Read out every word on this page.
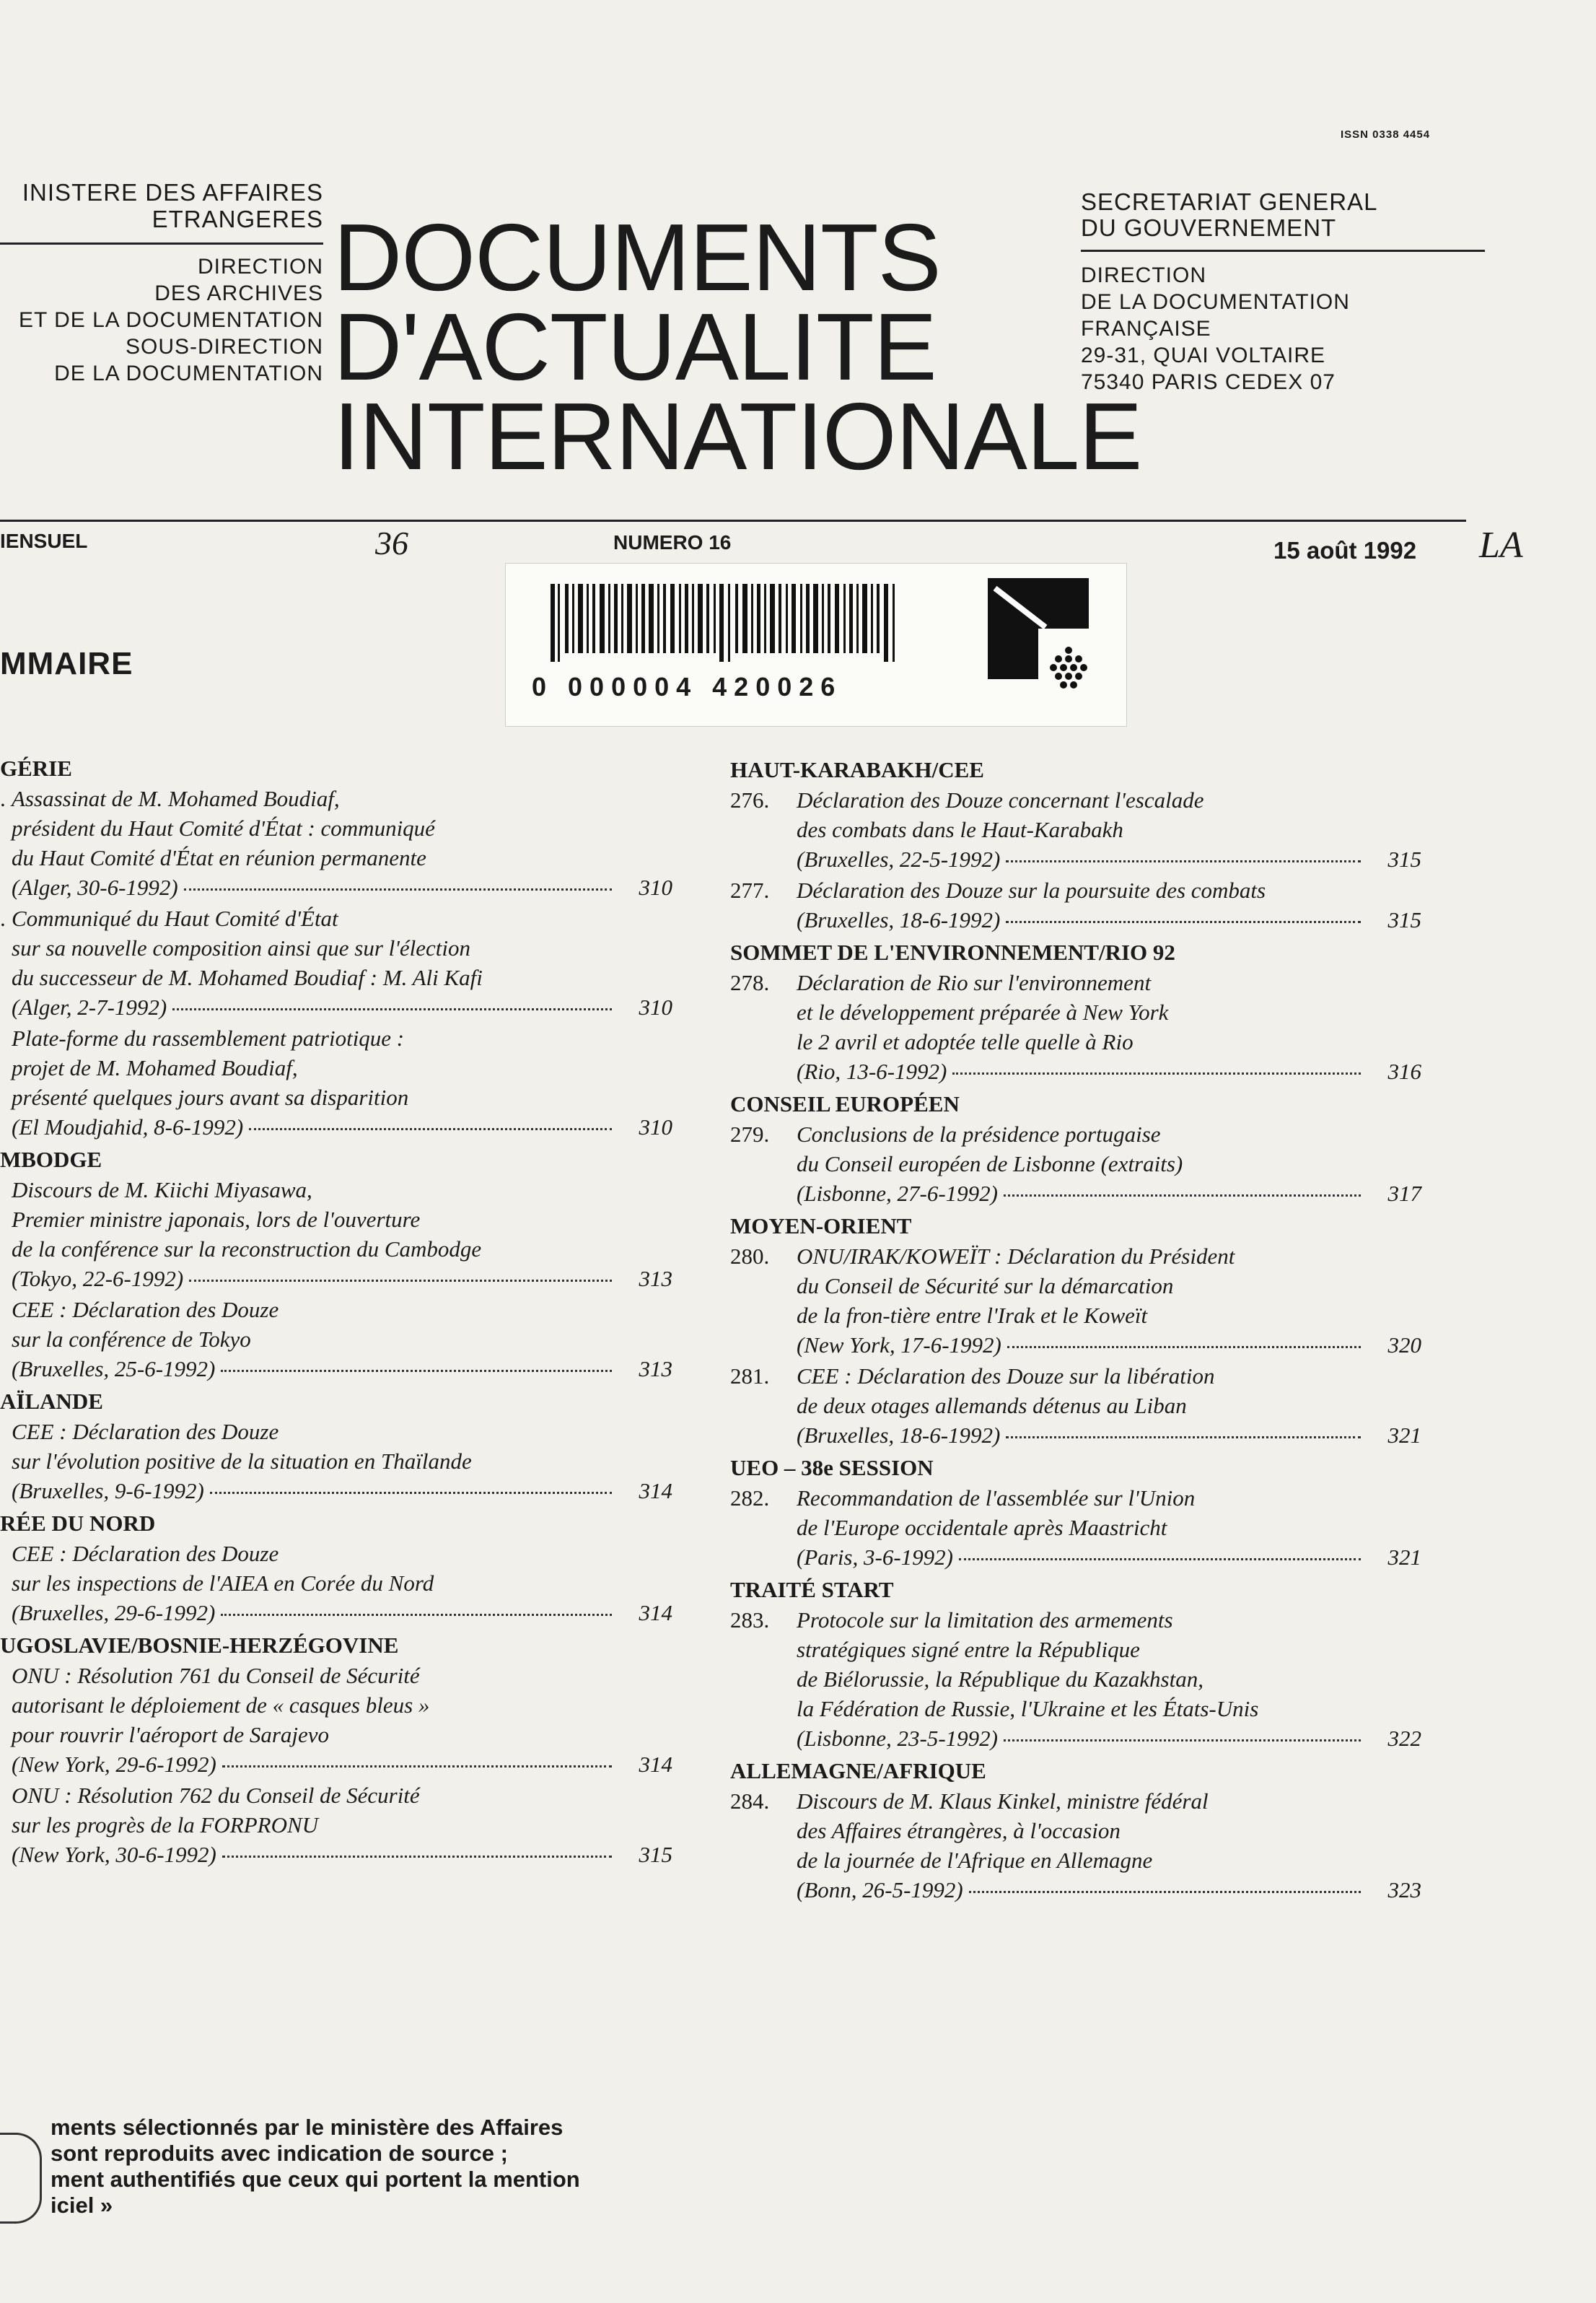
ISSN 0338 4454
INISTERE DES AFFAIRES
ETRANGERES
DIRECTION
DES ARCHIVES
ET DE LA DOCUMENTATION
SOUS-DIRECTION
DE LA DOCUMENTATION
DOCUMENTS
D'ACTUALITE
INTERNATIONALE
SECRETARIAT GENERAL
DU GOUVERNEMENT
DIRECTION
DE LA DOCUMENTATION
FRANÇAISE
29-31, QUAI VOLTAIRE
75340 PARIS CEDEX 07
IENSUEL	36	NUMERO 16	15 août 1992 LA
0 000004 420026
MMAIRE
GÉRIE
. Assassinat de M. Mohamed Boudiaf,
président du Haut Comité d'État : communiqué
du Haut Comité d'État en réunion permanente
(Alger, 30-6-1992)	310
. Communiqué du Haut Comité d'État
sur sa nouvelle composition ainsi que sur l'élection
du successeur de M. Mohamed Boudiaf : M. Ali Kafi
(Alger, 2-7-1992)	310
Plate-forme du rassemblement patriotique :
projet de M. Mohamed Boudiaf,
présenté quelques jours avant sa disparition
(El Moudjahid, 8-6-1992)	310
MBODGE
Discours de M. Kiichi Miyasawa,
Premier ministre japonais, lors de l'ouverture
de la conférence sur la reconstruction du Cambodge
(Tokyo, 22-6-1992)	313
CEE : Déclaration des Douze
sur la conférence de Tokyo
(Bruxelles, 25-6-1992)	313
AÏLANDE
CEE : Déclaration des Douze
sur l'évolution positive de la situation en Thaïlande
(Bruxelles, 9-6-1992)	314
RÉE DU NORD
CEE : Déclaration des Douze
sur les inspections de l'AIEA en Corée du Nord
(Bruxelles, 29-6-1992)	314
UGOSLAVIE/BOSNIE-HERZÉGOVINE
ONU : Résolution 761 du Conseil de Sécurité
autorisant le déploiement de « casques bleus »
pour rouvrir l'aéroport de Sarajevo
(New York, 29-6-1992)	314
ONU : Résolution 762 du Conseil de Sécurité
sur les progrès de la FORPRONU
(New York, 30-6-1992)	315
HAUT-KARABAKH/CEE
276.	Déclaration des Douze concernant l'escalade
des combats dans le Haut-Karabakh
(Bruxelles, 22-5-1992)	315
277.	Déclaration des Douze sur la poursuite des combats
(Bruxelles, 18-6-1992)	315
SOMMET DE L'ENVIRONNEMENT/RIO 92
278.	Déclaration de Rio sur l'environnement
et le développement préparée à New York
le 2 avril et adoptée telle quelle à Rio
(Rio, 13-6-1992)	316
CONSEIL EUROPÉEN
279.	Conclusions de la présidence portugaise
du Conseil européen de Lisbonne (extraits)
(Lisbonne, 27-6-1992)	317
MOYEN-ORIENT
280.	ONU/IRAK/KOWEÏT : Déclaration du Président
du Conseil de Sécurité sur la démarcation
de la fron-tière entre l'Irak et le Koweït
(New York, 17-6-1992)	320
281.	CEE : Déclaration des Douze sur la libération
de deux otages allemands détenus au Liban
(Bruxelles, 18-6-1992)	321
UEO – 38e SESSION
282.	Recommandation de l'assemblée sur l'Union
de l'Europe occidentale après Maastricht
(Paris, 3-6-1992)	321
TRAITÉ START
283.	Protocole sur la limitation des armements
stratégiques signé entre la République
de Biélorussie, la République du Kazakhstan,
la Fédération de Russie, l'Ukraine et les États-Unis
(Lisbonne, 23-5-1992)	322
ALLEMAGNE/AFRIQUE
284.	Discours de M. Klaus Kinkel, ministre fédéral
des Affaires étrangères, à l'occasion
de la journée de l'Afrique en Allemagne
(Bonn, 26-5-1992)	323
ments sélectionnés par le ministère des Affaires
sont reproduits avec indication de source ;
ment authentifiés que ceux qui portent la mention
iciel »
